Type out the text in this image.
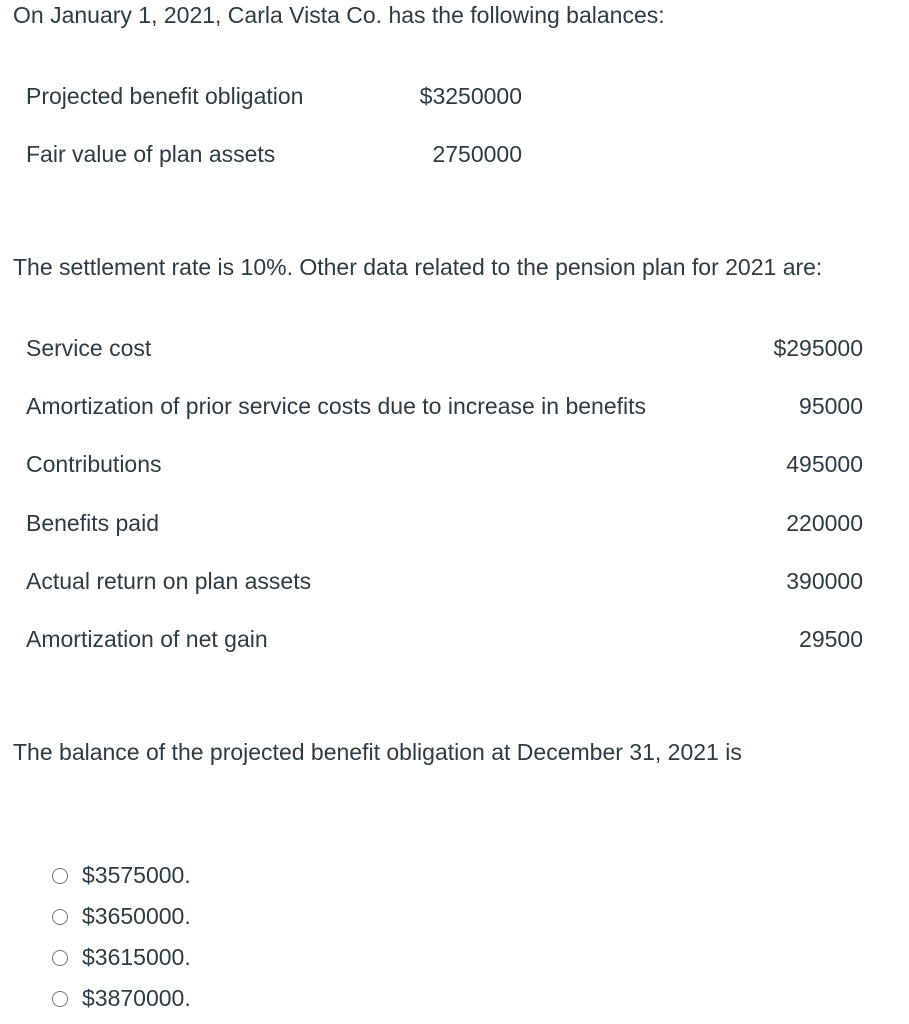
On January 1, 2021, Carla Vista Co. has the following balances:

Projected benefit obligation	$3250000
Fair value of plan assets	2750000

The settlement rate is 10%. Other data related to the pension plan for 2021 are:

Service cost	$295000
Amortization of prior service costs due to increase in benefits	95000
Contributions	495000
Benefits paid	220000
Actual return on plan assets	390000
Amortization of net gain	29500

The balance of the projected benefit obligation at December 31, 2021 is

$3575000.
$3650000.
$3615000.
$3870000.
